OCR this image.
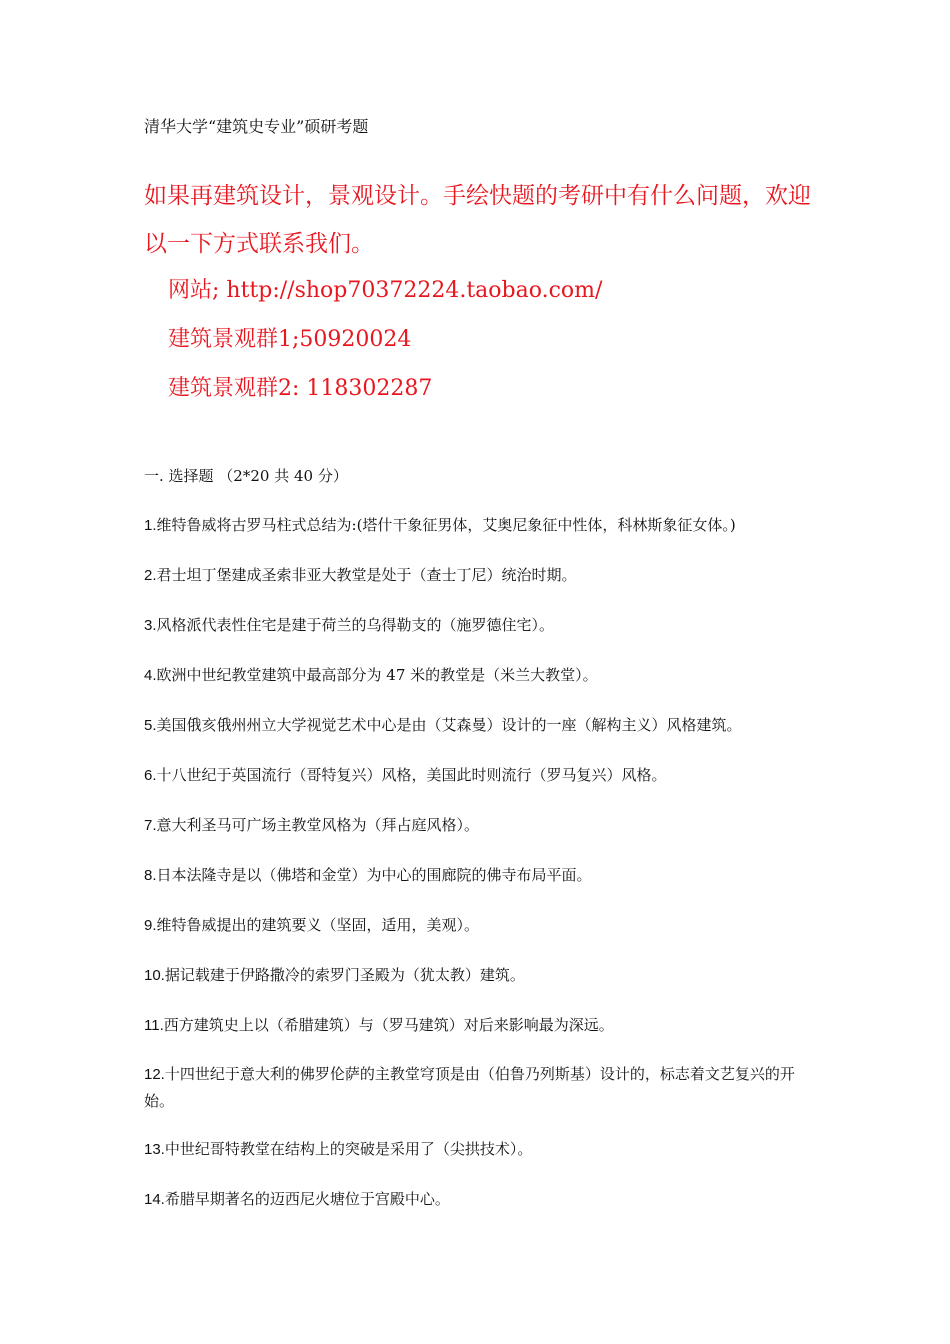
清华大学“建筑史专业”硕研考题
如果再建筑设计，景观设计。手绘快题的考研中有什么问题，欢迎以一下方式联系我们。
网站; http://shop70372224.taobao.com/
建筑景观群1;50920024
建筑景观群2: 118302287
一. 选择题 （2*20 共 40 分）
1.维特鲁威将古罗马柱式总结为:(塔什干象征男体，艾奥尼象征中性体，科林斯象征女体。)
2.君士坦丁堡建成圣索非亚大教堂是处于（查士丁尼）统治时期。
3.风格派代表性住宅是建于荷兰的乌得勒支的（施罗德住宅）。
4.欧洲中世纪教堂建筑中最高部分为 47 米的教堂是（米兰大教堂）。
5.美国俄亥俄州州立大学视觉艺术中心是由（艾森曼）设计的一座（解构主义）风格建筑。
6.十八世纪于英国流行（哥特复兴）风格，美国此时则流行（罗马复兴）风格。
7.意大利圣马可广场主教堂风格为（拜占庭风格）。
8.日本法隆寺是以（佛塔和金堂）为中心的围廊院的佛寺布局平面。
9.维特鲁威提出的建筑要义（坚固，适用，美观）。
10.据记载建于伊路撒冷的索罗门圣殿为（犹太教）建筑。
11.西方建筑史上以（希腊建筑）与（罗马建筑）对后来影响最为深远。
12.十四世纪于意大利的佛罗伦萨的主教堂穹顶是由（伯鲁乃列斯基）设计的，标志着文艺复兴的开始。
13.中世纪哥特教堂在结构上的突破是采用了（尖拱技术）。
14.希腊早期著名的迈西尼火塘位于宫殿中心。
